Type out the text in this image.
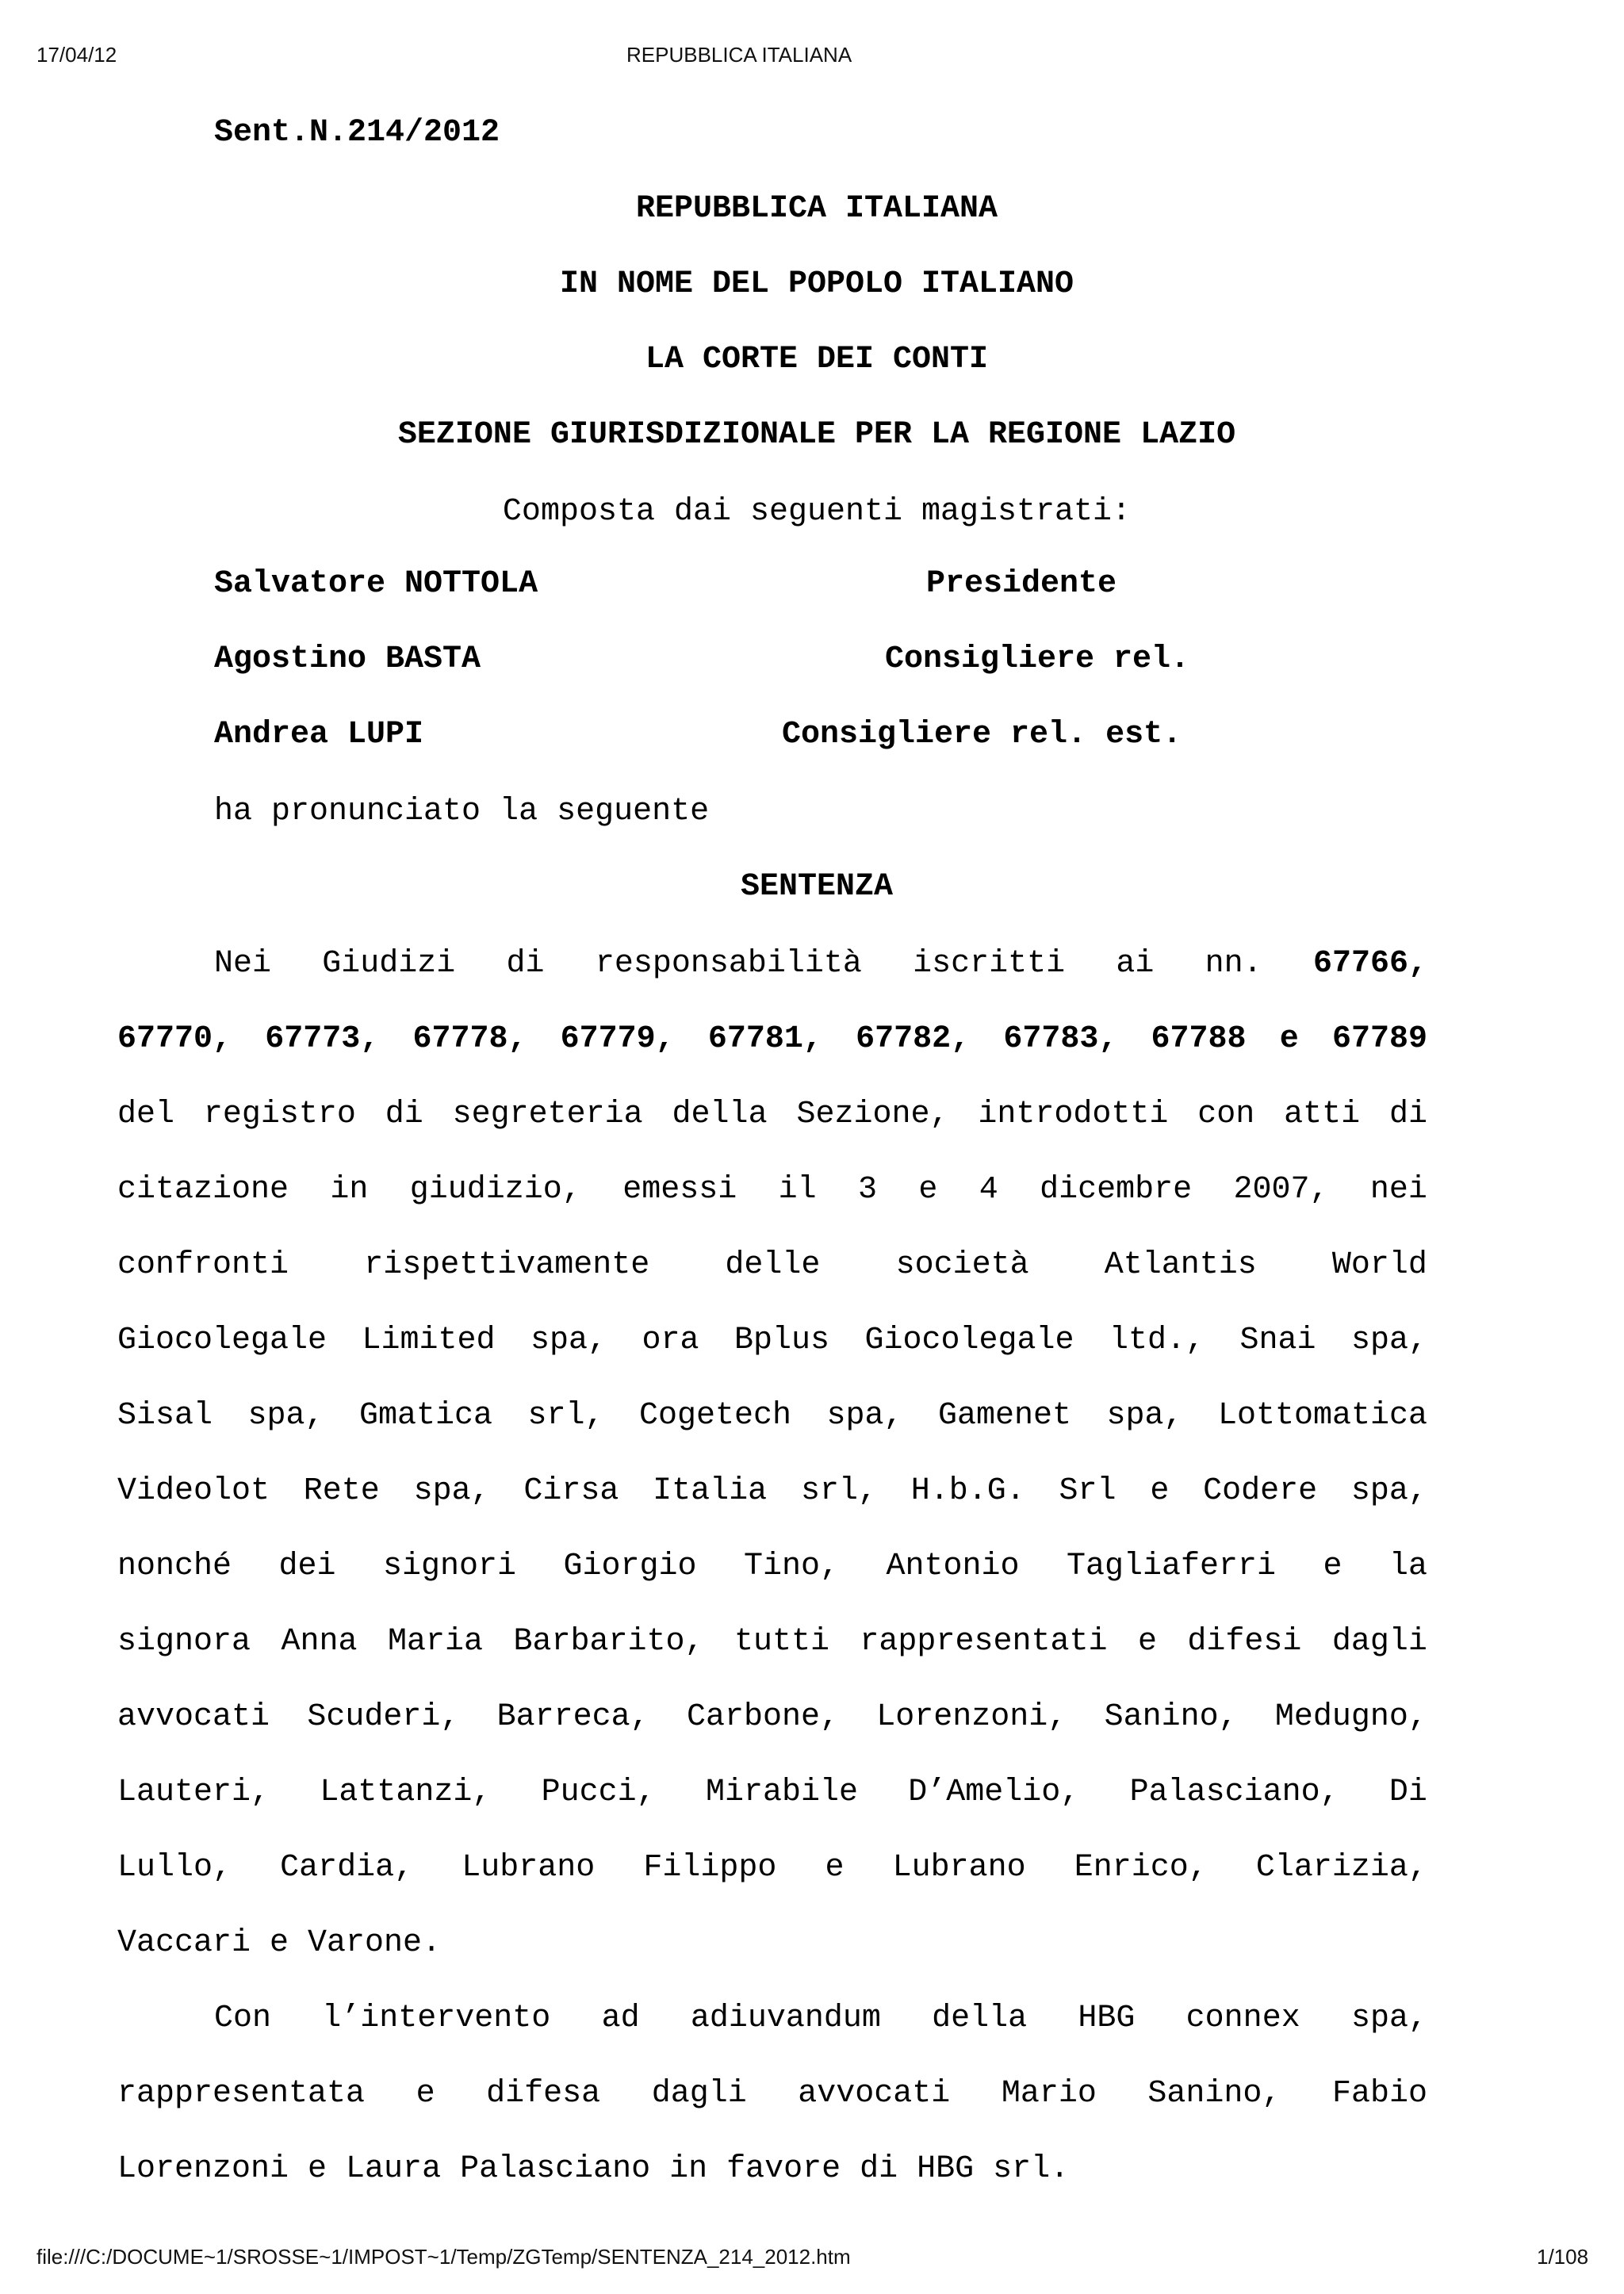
17/04/12	REPUBBLICA ITALIANA
Sent.N.214/2012
REPUBBLICA ITALIANA
IN NOME DEL POPOLO ITALIANO
LA CORTE DEI CONTI
SEZIONE GIURISDIZIONALE PER LA REGIONE LAZIO
Composta dai seguenti magistrati:
Salvatore NOTTOLA	Presidente
Agostino BASTA	Consigliere rel.
Andrea LUPI	Consigliere rel. est.
ha pronunciato la seguente
SENTENZA
Nei Giudizi di responsabilità iscritti ai nn. 67766,
67770, 67773, 67778, 67779, 67781, 67782, 67783, 67788 e 67789
del registro di segreteria della Sezione, introdotti con atti di
citazione in giudizio, emessi il 3 e 4 dicembre 2007, nei
confronti rispettivamente delle società Atlantis World
Giocolegale Limited spa, ora Bplus Giocolegale ltd., Snai spa,
Sisal spa, Gmatica srl, Cogetech spa, Gamenet spa, Lottomatica
Videolot Rete spa, Cirsa Italia srl, H.b.G. Srl e Codere spa,
nonché dei signori Giorgio Tino, Antonio Tagliaferri e la
signora Anna Maria Barbarito, tutti rappresentati e difesi dagli
avvocati Scuderi, Barreca, Carbone, Lorenzoni, Sanino, Medugno,
Lauteri, Lattanzi, Pucci, Mirabile D’Amelio, Palasciano, Di
Lullo, Cardia, Lubrano Filippo e Lubrano Enrico, Clarizia,
Vaccari e Varone.
Con l’intervento ad adiuvandum della HBG connex spa,
rappresentata e difesa dagli avvocati Mario Sanino, Fabio
Lorenzoni e Laura Palasciano in favore di HBG srl.
file:///C:/DOCUME~1/SROSSE~1/IMPOST~1/Temp/ZGTemp/SENTENZA_214_2012.htm	1/108
